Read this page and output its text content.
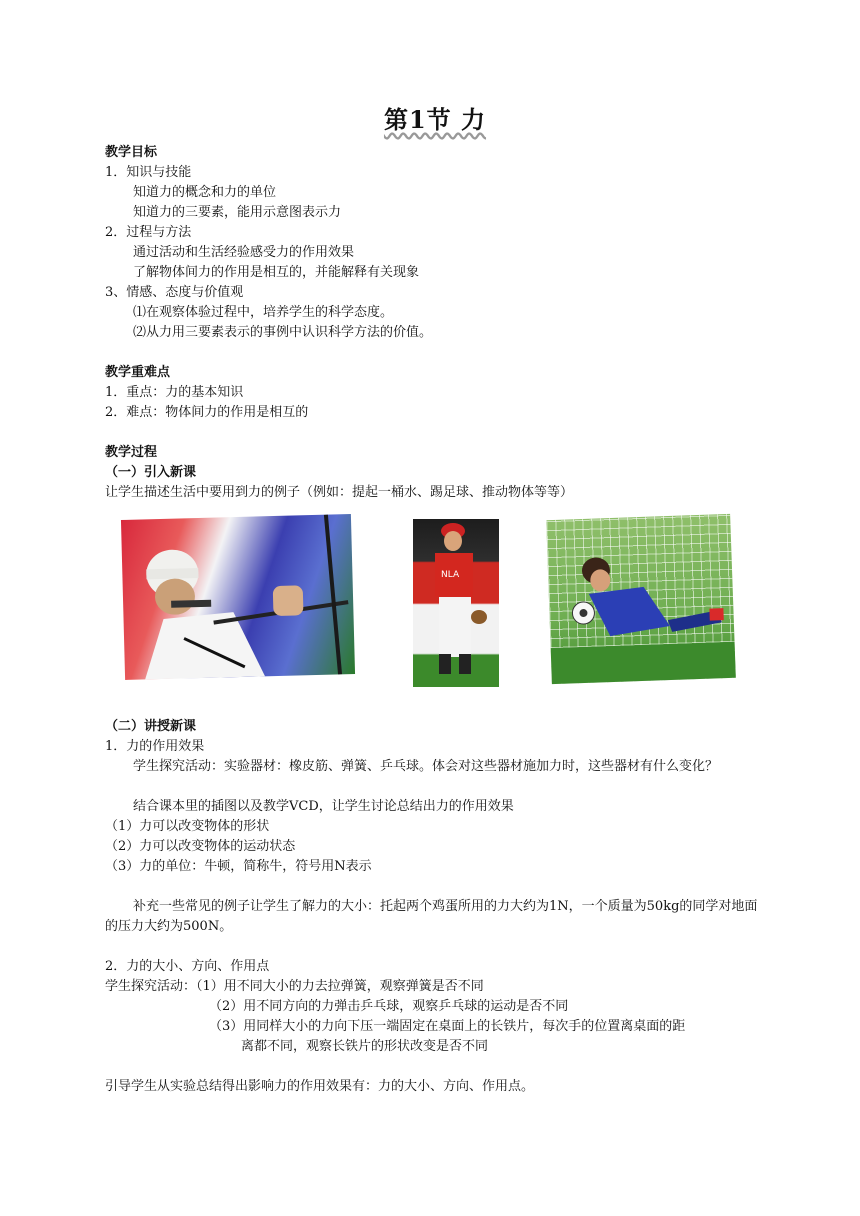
第1节 力
教学目标
1．知识与技能
知道力的概念和力的单位
知道力的三要素，能用示意图表示力
2．过程与方法
通过活动和生活经验感受力的作用效果
了解物体间力的作用是相互的，并能解释有关现象
3、情感、态度与价值观
⑴在观察体验过程中，培养学生的科学态度。
⑵从力用三要素表示的事例中认识科学方法的价值。
教学重难点
1．重点：力的基本知识
2．难点：物体间力的作用是相互的
教学过程
（一）引入新课
让学生描述生活中要用到力的例子（例如：提起一桶水、踢足球、推动物体等等）
NLA
（二）讲授新课
1．力的作用效果
学生探究活动：实验器材：橡皮筋、弹簧、乒乓球。体会对这些器材施加力时，这些器材有什么变化？
结合课本里的插图以及教学VCD，让学生讨论总结出力的作用效果
（1）力可以改变物体的形状
（2）力可以改变物体的运动状态
（3）力的单位：牛顿，简称牛，符号用N表示
补充一些常见的例子让学生了解力的大小：托起两个鸡蛋所用的力大约为1N，一个质量为50kg的同学对地面的压力大约为500N。
2．力的大小、方向、作用点
学生探究活动：（1）用不同大小的力去拉弹簧，观察弹簧是否不同
（2）用不同方向的力弹击乒乓球，观察乒乓球的运动是否不同
（3）用同样大小的力向下压一端固定在桌面上的长铁片，每次手的位置离桌面的距
离都不同，观察长铁片的形状改变是否不同
引导学生从实验总结得出影响力的作用效果有：力的大小、方向、作用点。
